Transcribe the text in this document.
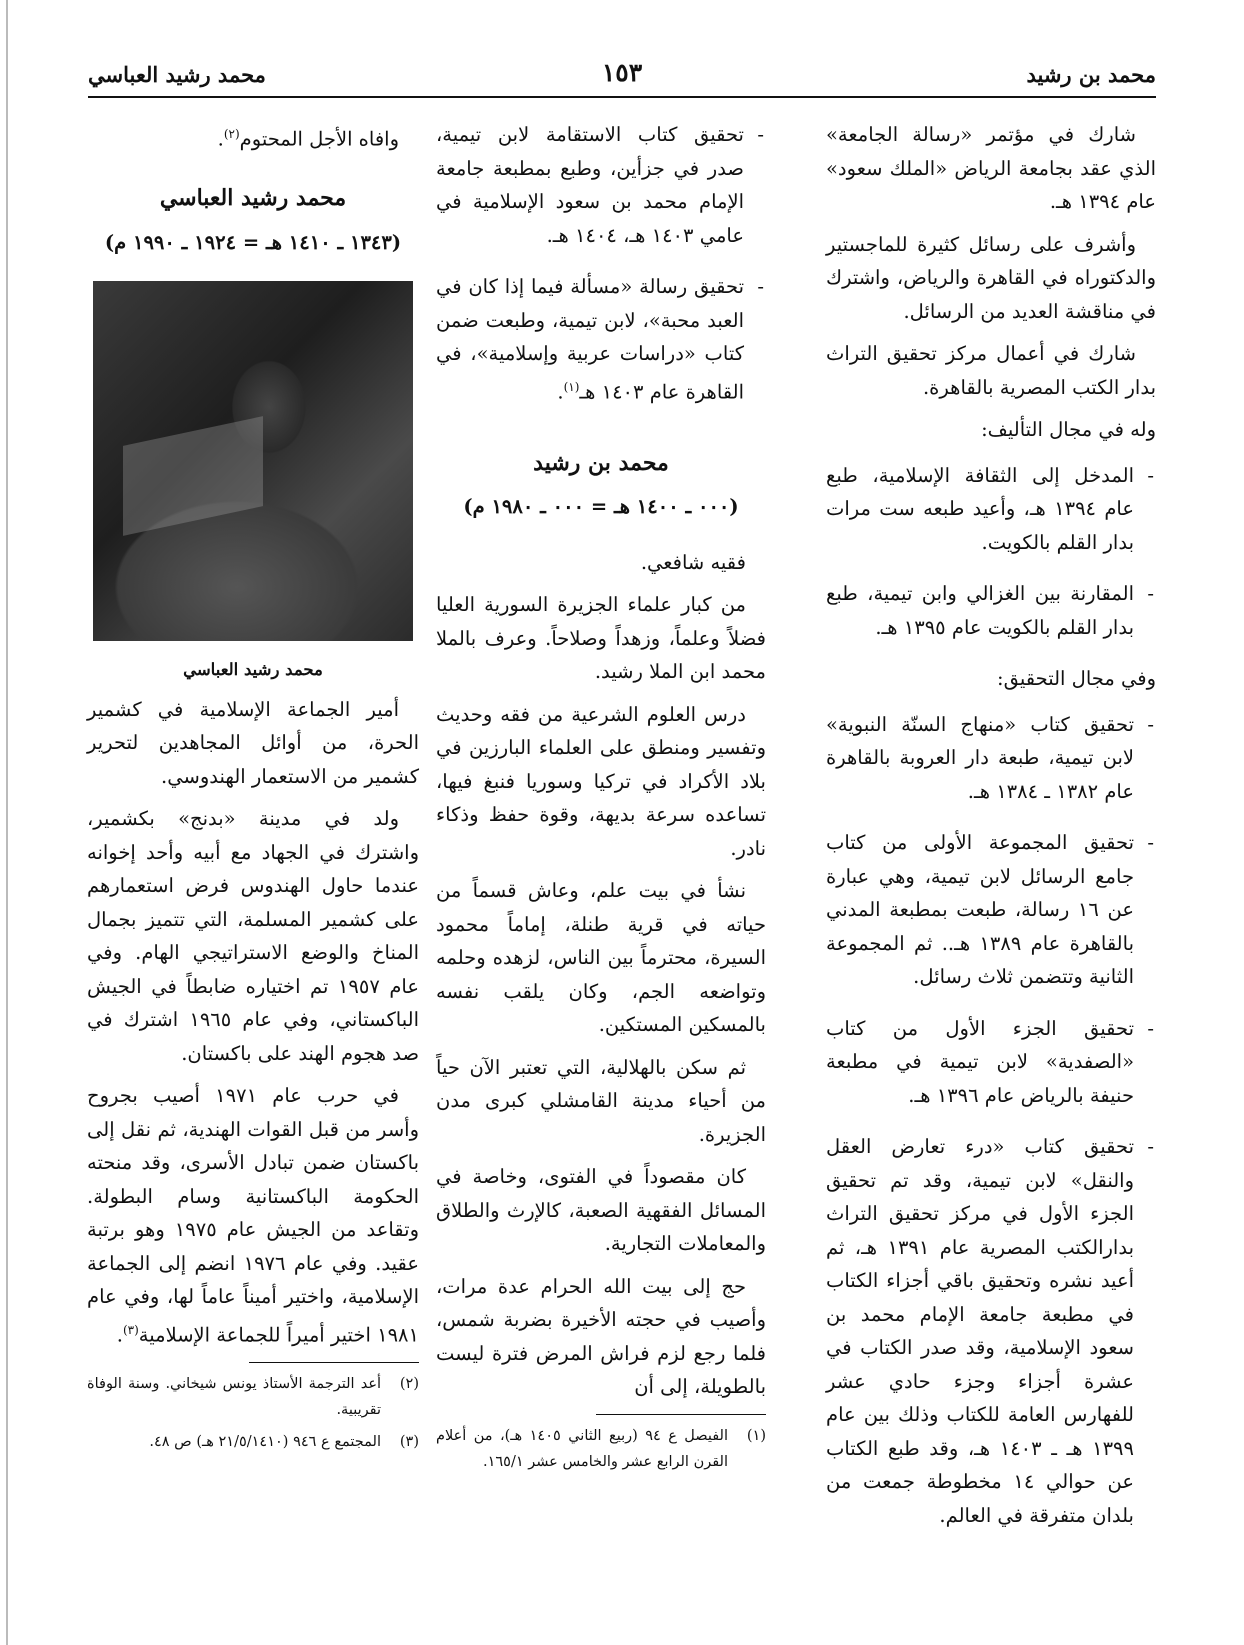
محمد بن رشيد
١٥٣
محمد رشيد العباسي

شارك في مؤتمر «رسالة الجامعة» الذي عقد بجامعة الرياض «الملك سعود» عام ١٣٩٤ هـ.

وأشرف على رسائل كثيرة للماجستير والدكتوراه في القاهرة والرياض، واشترك في مناقشة العديد من الرسائل.

شارك في أعمال مركز تحقيق التراث بدار الكتب المصرية بالقاهرة.

وله في مجال التأليف:

- المدخل إلى الثقافة الإسلامية، طبع عام ١٣٩٤ هـ، وأعيد طبعه ست مرات بدار القلم بالكويت.
- المقارنة بين الغزالي وابن تيمية، طبع بدار القلم بالكويت عام ١٣٩٥ هـ.

وفي مجال التحقيق:

- تحقيق كتاب «منهاج السنّة النبوية» لابن تيمية، طبعة دار العروبة بالقاهرة عام ١٣٨٢ ـ ١٣٨٤ هـ.
- تحقيق المجموعة الأولى من كتاب جامع الرسائل لابن تيمية، وهي عبارة عن ١٦ رسالة، طبعت بمطبعة المدني بالقاهرة عام ١٣٨٩ هـ.. ثم المجموعة الثانية وتتضمن ثلاث رسائل.
- تحقيق الجزء الأول من كتاب «الصفدية» لابن تيمية في مطبعة حنيفة بالرياض عام ١٣٩٦ هـ.
- تحقيق كتاب «درء تعارض العقل والنقل» لابن تيمية، وقد تم تحقيق الجزء الأول في مركز تحقيق التراث بدارالكتب المصرية عام ١٣٩١ هـ، ثم أعيد نشره وتحقيق باقي أجزاء الكتاب في مطبعة جامعة الإمام محمد بن سعود الإسلامية، وقد صدر الكتاب في عشرة أجزاء وجزء حادي عشر للفهارس العامة للكتاب وذلك بين عام ١٣٩٩ هـ ـ ١٤٠٣ هـ، وقد طبع الكتاب عن حوالي ١٤ مخطوطة جمعت من بلدان متفرقة في العالم.
- تحقيق كتاب الاستقامة لابن تيمية، صدر في جزأين، وطبع بمطبعة جامعة الإمام محمد بن سعود الإسلامية في عامي ١٤٠٣ هـ، ١٤٠٤ هـ.
- تحقيق رسالة «مسألة فيما إذا كان في العبد محبة»، لابن تيمية، وطبعت ضمن كتاب «دراسات عربية وإسلامية»، في القاهرة عام ١٤٠٣ هـ$^{(١)}$.
محمد بن رشيد
(٠٠٠ ـ ١٤٠٠ هـ = ٠٠٠ ـ ١٩٨٠ م)

فقيه شافعي.

من كبار علماء الجزيرة السورية العليا فضلاً وعلماً، وزهداً وصلاحاً. وعرف بالملا محمد ابن الملا رشيد.

درس العلوم الشرعية من فقه وحديث وتفسير ومنطق على العلماء البارزين في بلاد الأكراد في تركيا وسوريا فنبغ فيها، تساعده سرعة بديهة، وقوة حفظ وذكاء نادر.

نشأ في بيت علم، وعاش قسماً من حياته في قرية طنلة، إماماً محمود السيرة، محترماً بين الناس، لزهده وحلمه وتواضعه الجم، وكان يلقب نفسه بالمسكين المستكين.

ثم سكن بالهلالية، التي تعتبر الآن حياً من أحياء مدينة القامشلي كبرى مدن الجزيرة.

كان مقصوداً في الفتوى، وخاصة في المسائل الفقهية الصعبة، كالإرث والطلاق والمعاملات التجارية.

حج إلى بيت الله الحرام عدة مرات، وأصيب في حجته الأخيرة بضربة شمس، فلما رجع لزم فراش المرض فترة ليست بالطويلة، إلى أن

(١)
الفيصل ع ٩٤ (ربيع الثاني ١٤٠٥ هـ)، من أعلام القرن الرابع عشر والخامس عشر ١٦٥/١.

وافاه الأجل المحتوم$^{(٢)}$.

محمد رشيد العباسي
(١٣٤٣ ـ ١٤١٠ هـ = ١٩٢٤ ـ ١٩٩٠ م)
محمد رشيد العباسي

أمير الجماعة الإسلامية في كشمير الحرة، من أوائل المجاهدين لتحرير كشمير من الاستعمار الهندوسي.

ولد في مدينة «بدنج» بكشمير، واشترك في الجهاد مع أبيه وأحد إخوانه عندما حاول الهندوس فرض استعمارهم على كشمير المسلمة، التي تتميز بجمال المناخ والوضع الاستراتيجي الهام. وفي عام ١٩٥٧ تم اختياره ضابطاً في الجيش الباكستاني، وفي عام ١٩٦٥ اشترك في صد هجوم الهند على باكستان.

في حرب عام ١٩٧١ أصيب بجروح وأسر من قبل القوات الهندية، ثم نقل إلى باكستان ضمن تبادل الأسرى، وقد منحته الحكومة الباكستانية وسام البطولة. وتقاعد من الجيش عام ١٩٧٥ وهو برتبة عقيد. وفي عام ١٩٧٦ انضم إلى الجماعة الإسلامية، واختير أميناً عاماً لها، وفي عام ١٩٨١ اختير أميراً للجماعة الإسلامية$^{(٣)}$.

(٢)
أعد الترجمة الأستاذ يونس شيخاني. وسنة الوفاة تقريبية.
(٣)
المجتمع ع ٩٤٦ (٢١/٥/١٤١٠ هـ) ص ٤٨.
